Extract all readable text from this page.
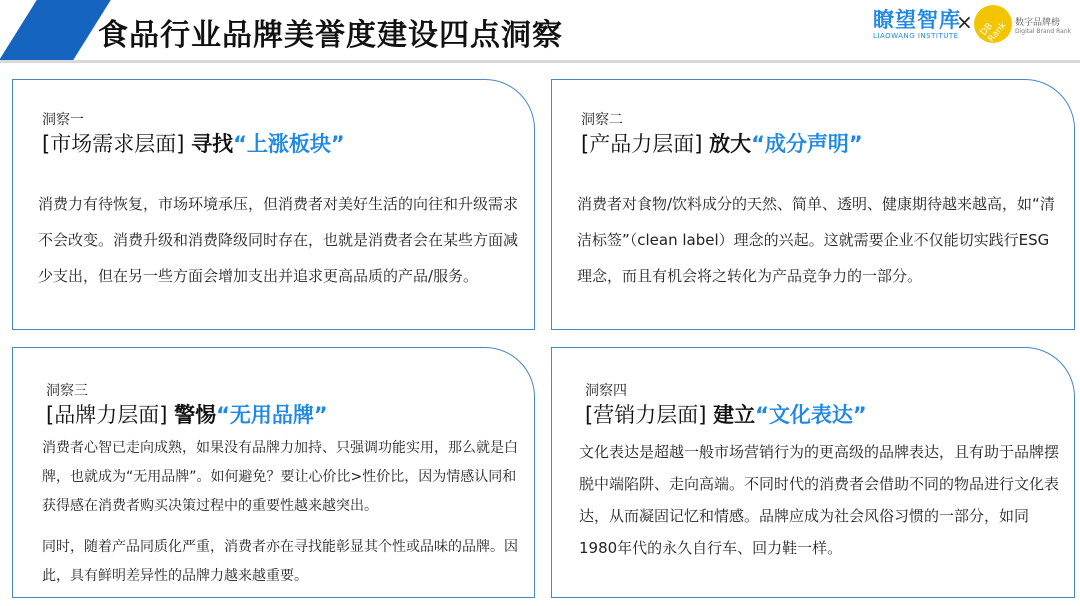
食品行业品牌美誉度建设四点洞察	瞭望智库
LIAOWANG INSTITUTE
× DB Rank 数字品牌榜
Digital Brand Rank
洞察一
[市场需求层面] 寻找“上涨板块”

消费力有待恢复，市场环境承压，但消费者对美好生活的向往和升级需求不会改变。消费升级和消费降级同时存在，也就是消费者会在某些方面减少支出，但在另一些方面会增加支出并追求更高品质的产品/服务。

洞察二
[产品力层面] 放大“成分声明”

消费者对食物/饮料成分的天然、简单、透明、健康期待越来越高，如“清洁标签”（clean label）理念的兴起。这就需要企业不仅能切实践行ESG理念，而且有机会将之转化为产品竞争力的一部分。

洞察三
[品牌力层面] 警惕“无用品牌”

消费者心智已走向成熟，如果没有品牌力加持、只强调功能实用，那么就是白牌，也就成为“无用品牌”。如何避免？要让心价比>性价比，因为情感认同和获得感在消费者购买决策过程中的重要性越来越突出。

同时，随着产品同质化严重，消费者亦在寻找能彰显其个性或品味的品牌。因此，具有鲜明差异性的品牌力越来越重要。

洞察四
[营销力层面] 建立“文化表达”

文化表达是超越一般市场营销行为的更高级的品牌表达，且有助于品牌摆脱中端陷阱、走向高端。不同时代的消费者会借助不同的物品进行文化表达，从而凝固记忆和情感。品牌应成为社会风俗习惯的一部分，如同1980年代的永久自行车、回力鞋一样。
